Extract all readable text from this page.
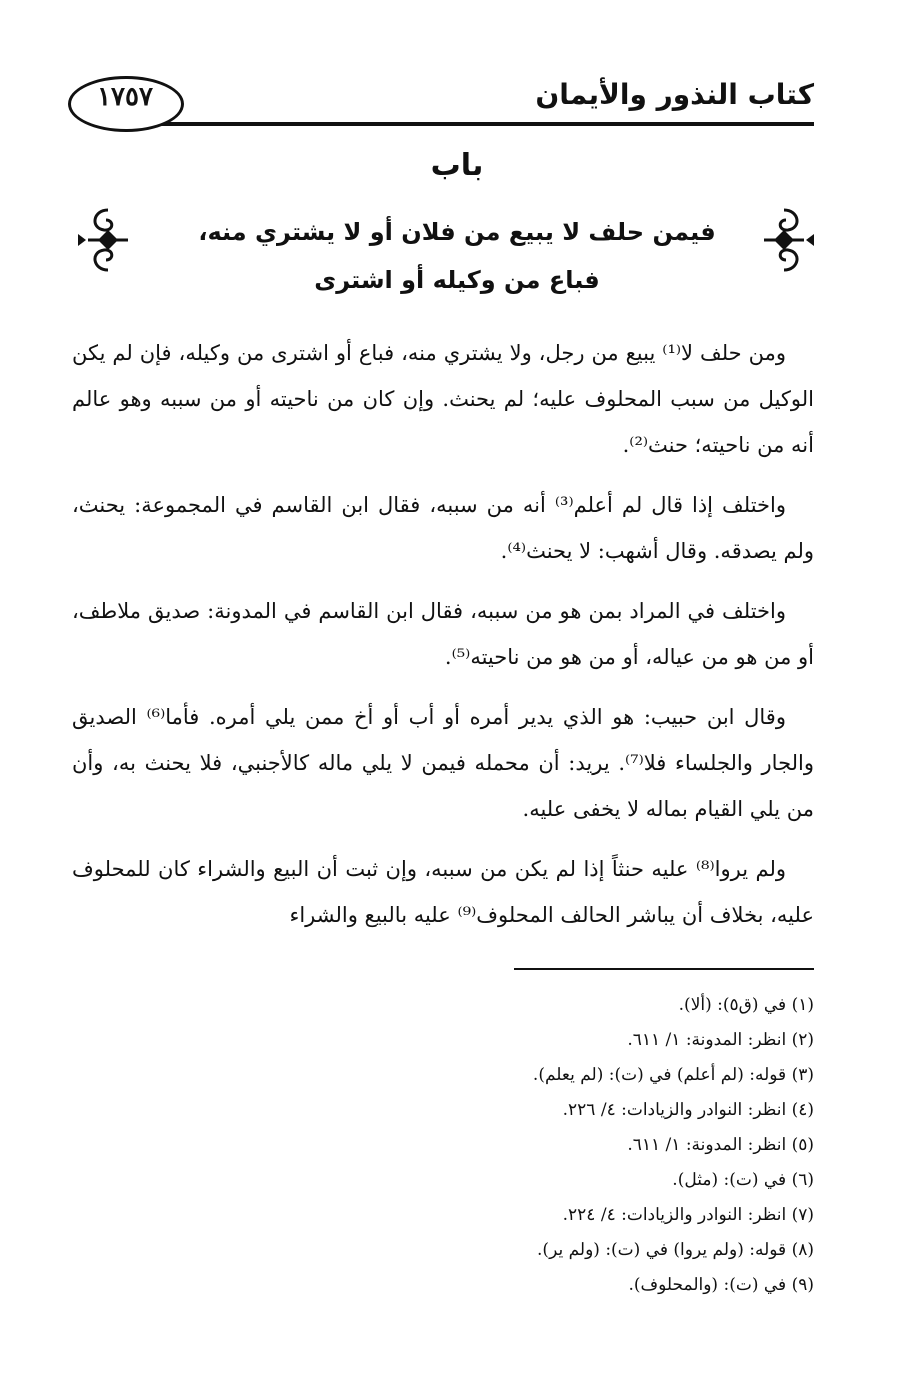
كتاب النذور والأيمان
١٧٥٧
باب
فيمن حلف لا يبيع من فلان أو لا يشتري منه،
فباع من وكيله أو اشترى

ومن حلف لا⁽¹⁾ يبيع من رجل، ولا يشتري منه، فباع أو اشترى من وكيله، فإن لم يكن الوكيل من سبب المحلوف عليه؛ لم يحنث. وإن كان من ناحيته أو من سببه وهو عالم أنه من ناحيته؛ حنث⁽²⁾.

واختلف إذا قال لم أعلم⁽³⁾ أنه من سببه، فقال ابن القاسم في المجموعة: يحنث، ولم يصدقه. وقال أشهب: لا يحنث⁽⁴⁾.

واختلف في المراد بمن هو من سببه، فقال ابن القاسم في المدونة: صديق ملاطف، أو من هو من عياله، أو من هو من ناحيته⁽⁵⁾.

وقال ابن حبيب: هو الذي يدير أمره أو أب أو أخ ممن يلي أمره. فأما⁽⁶⁾ الصديق والجار والجلساء فلا⁽⁷⁾. يريد: أن محمله فيمن لا يلي ماله كالأجنبي، فلا يحنث به، وأن من يلي القيام بماله لا يخفى عليه.

ولم يروا⁽⁸⁾ عليه حنثاً إذا لم يكن من سببه، وإن ثبت أن البيع والشراء كان للمحلوف عليه، بخلاف أن يباشر الحالف المحلوف⁽⁹⁾ عليه بالبيع والشراء

(١) في (ق٥): (ألا).
(٢) انظر: المدونة: ١/ ٦١١.
(٣) قوله: (لم أعلم) في (ت): (لم يعلم).
(٤) انظر: النوادر والزيادات: ٤/ ٢٢٦.
(٥) انظر: المدونة: ١/ ٦١١.
(٦) في (ت): (مثل).
(٧) انظر: النوادر والزيادات: ٤/ ٢٢٤.
(٨) قوله: (ولم يروا) في (ت): (ولم ير).
(٩) في (ت): (والمحلوف).
